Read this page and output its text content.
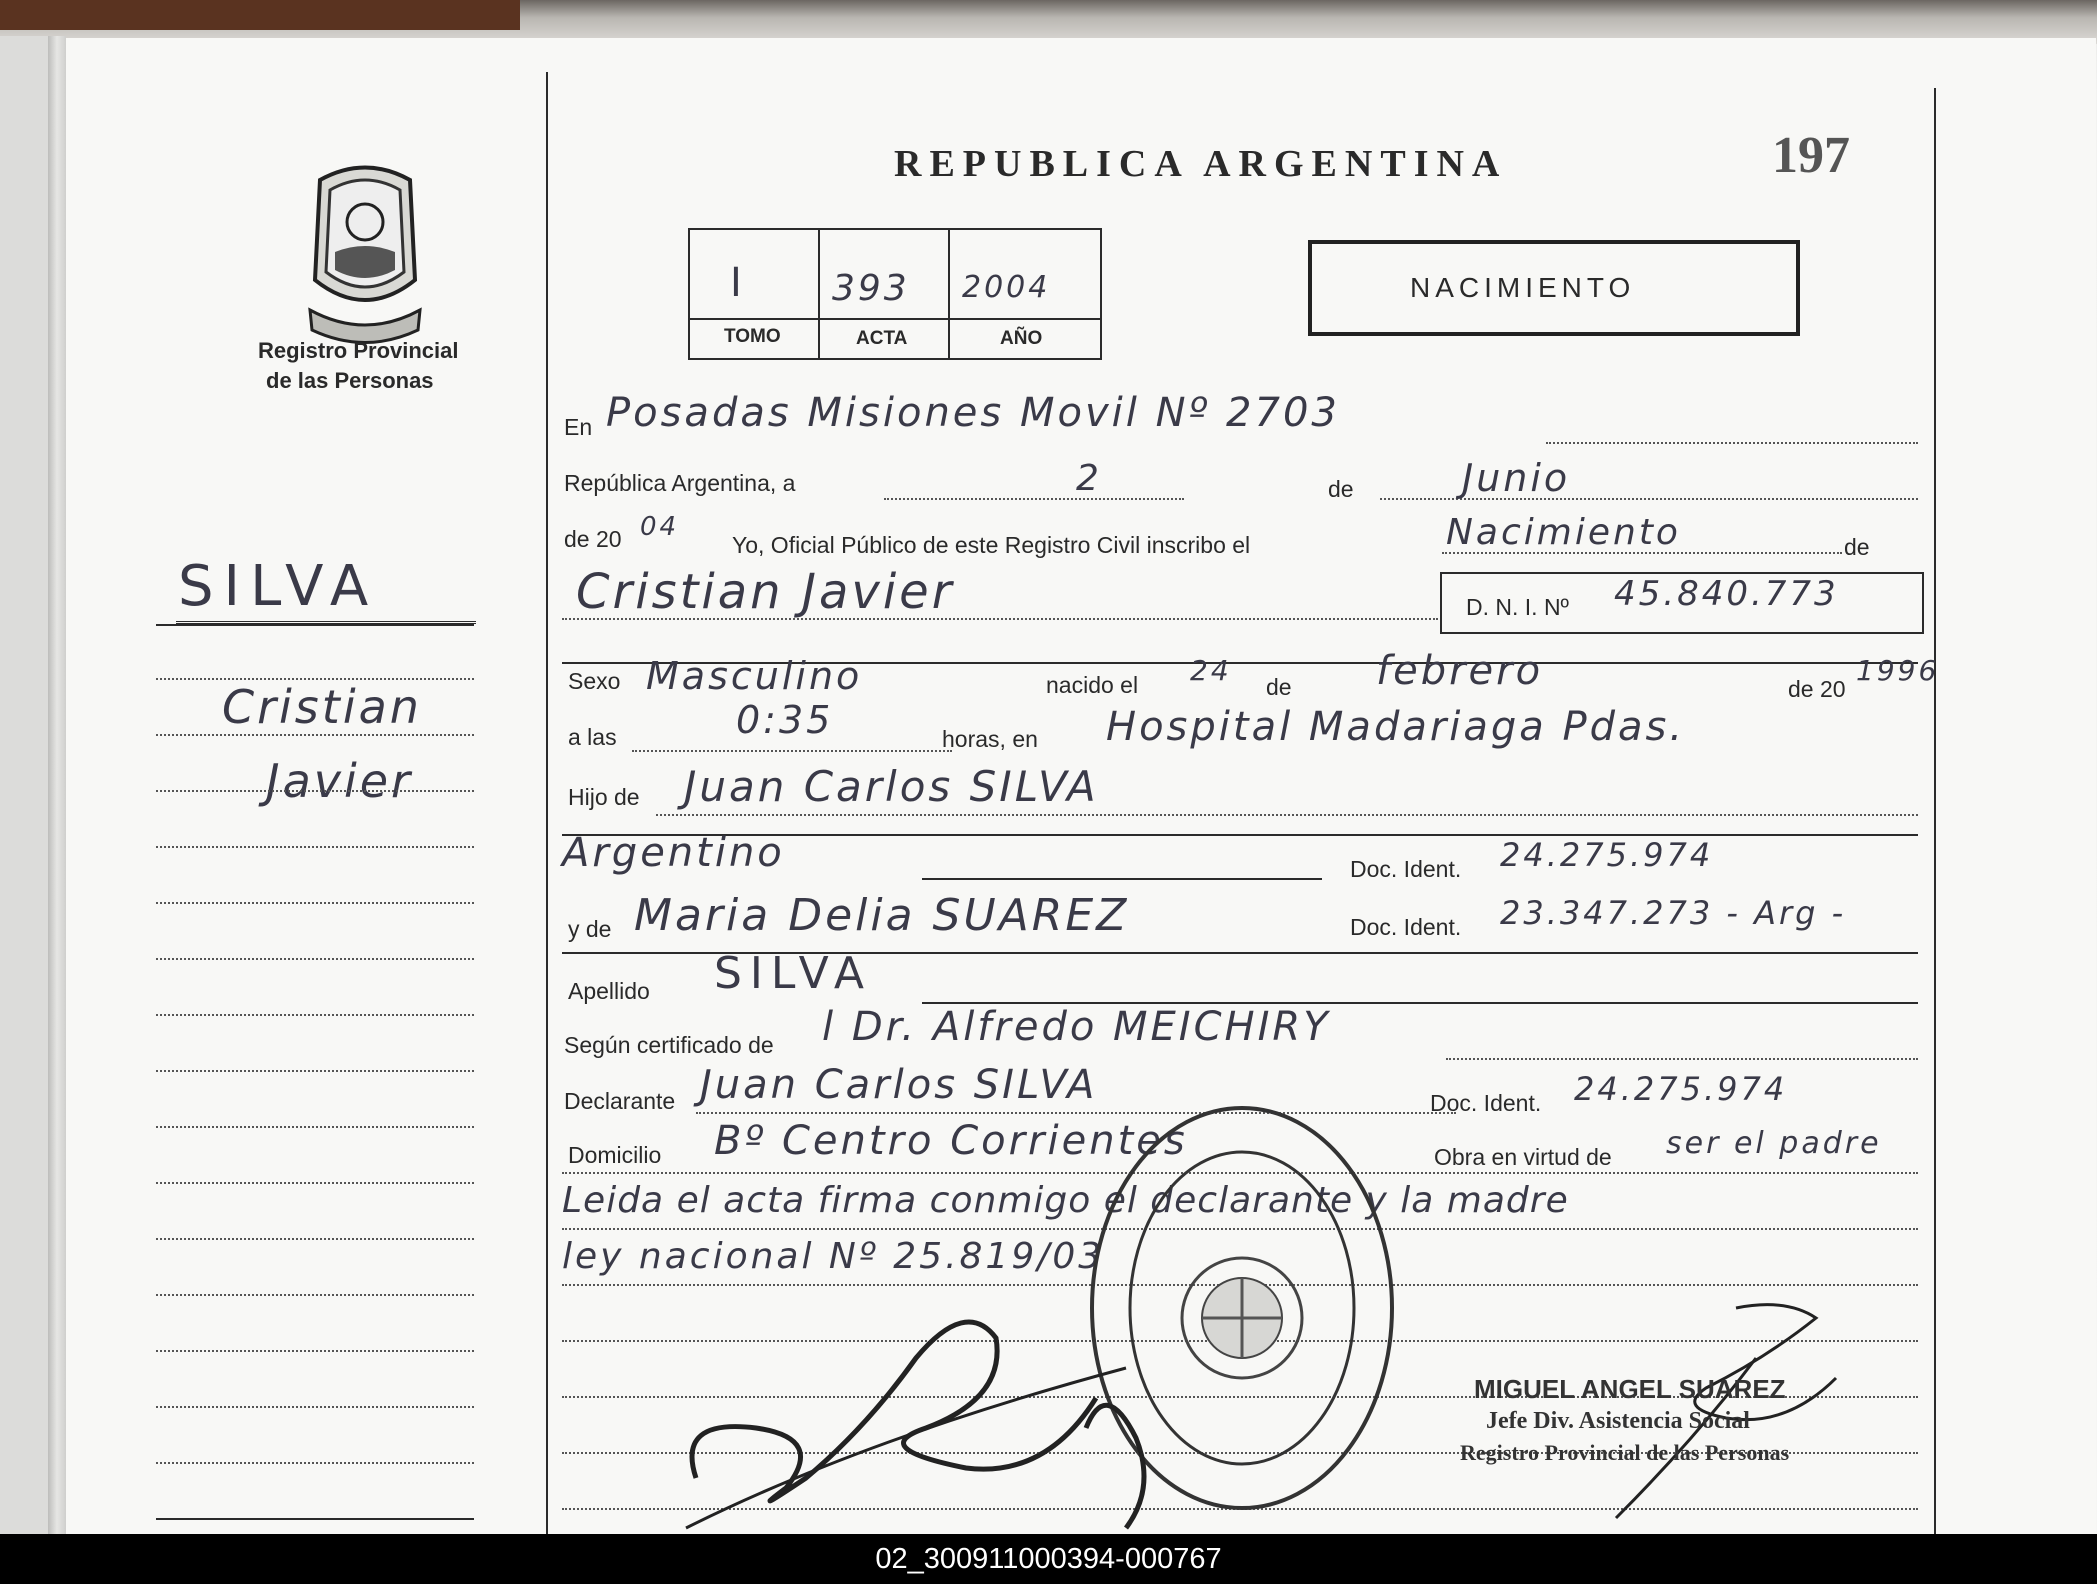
Registro Provincial
de las Personas
SILVA
Cristian
Javier
REPUBLICA ARGENTINA	197
I 393 2004
TOMO	ACTA	AÑO
NACIMIENTO
En Posadas Misiones Movil Nº 2703
República Argentina, a	2	de	Junio
de 20 04
Yo, Oficial Público de este Registro Civil inscribo el	Nacimiento	de
Cristian Javier	D. N. I. Nº 45.840.773
Sexo Masculino	nacido el 24 de febrero	de 20
1996
a las	0:35	horas, en Hospital Madariaga Pdas.
Hijo de Juan Carlos SILVA
Argentino	Doc. Ident. 24.275.974
y de Maria Delia SUAREZ	Doc. Ident. 23.347.273 - Arg -
Apellido SILVA
Según certificado de l Dr. Alfredo MEICHIRY
Declarante Juan Carlos SILVA	Doc. Ident. 24.275.974
Domicilio Bº Centro Corrientes	Obra en virtud de ser el padre
Leida el acta firma conmigo el declarante y la madre
ley nacional Nº 25.819/03
MIGUEL ANGEL SUAREZ
Jefe Div. Asistencia Social
Registro Provincial de las Personas
02_300911000394-000767
